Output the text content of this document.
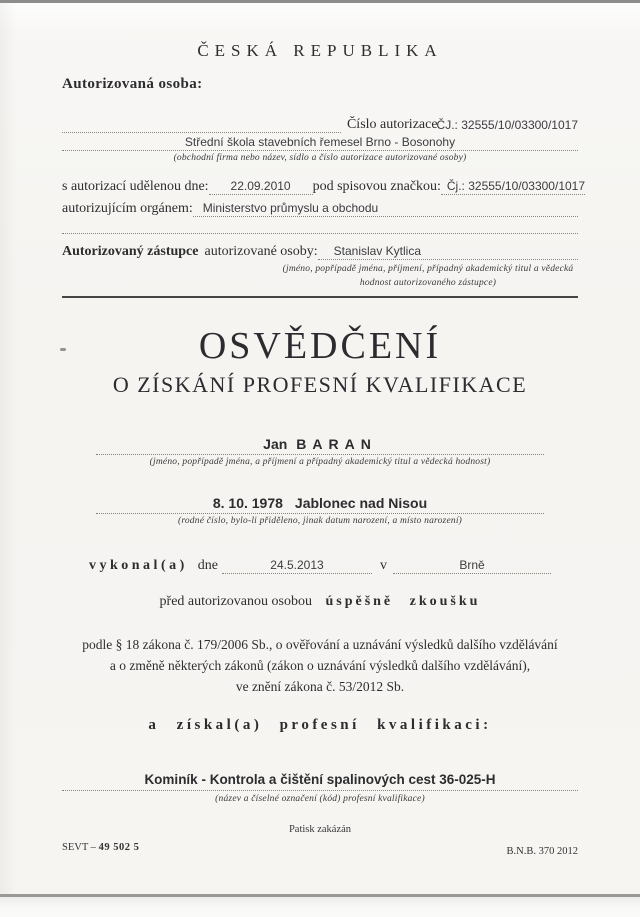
ČESKÁ REPUBLIKA
Autorizovaná osoba:
Číslo autorizace ČJ.: 32555/10/03300/1017
Střední škola stavebních řemesel Brno - Bosonohy
(obchodní firma nebo název, sídlo a číslo autorizace autorizované osoby)
s autorizací udělenou dne:	22.09.2010	pod spisovou značkou: Čj.: 32555/10/03300/1017
autorizujícím orgánem: Ministerstvo průmyslu a obchodu
Autorizovaný zástupce autorizované osoby:	Stanislav Kytlica
(jméno, popřípadě jména, příjmení, případný akademický titul a vědecká hodnost autorizovaného zástupce)
OSVĚDČENÍ
O ZÍSKÁNÍ PROFESNÍ KVALIFIKACE
Jan BARAN
(jméno, popřípadě jména, a příjmení a případný akademický titul a vědecká hodnost)
8. 10. 1978 Jablonec nad Nisou
(rodné číslo, bylo-li přiděleno, jinak datum narození, a místo narození)
vykonal(a) dne	24.5.2013	v	Brně
před autorizovanou osobou úspěšně zkoušku
podle § 18 zákona č. 179/2006 Sb., o ověřování a uznávání výsledků dalšího vzdělávání
a o změně některých zákonů (zákon o uznávání výsledků dalšího vzdělávání),
ve znění zákona č. 53/2012 Sb.
a získal(a) profesní kvalifikaci:
Kominík - Kontrola a čištění spalinových cest 36-025-H
(název a číselné označení (kód) profesní kvalifikace)
Patisk zakázán
SEVT – 49 502 5	B.N.B. 370 2012
